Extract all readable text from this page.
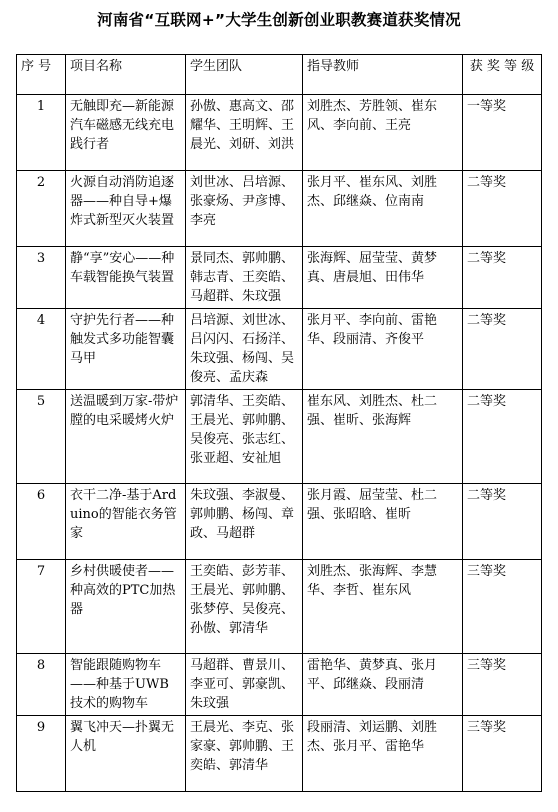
河南省“互联网+”大学生创新创业职教赛道获奖情况
序 号	项目名称	学生团队	指导教师	获 奖 等 级
1	无触即充—新能源汽车磁感无线充电践行者	孙傲、惠高文、邵耀华、王明辉、王晨光、刘研、刘洪	刘胜杰、芳胜领、崔东风、李向前、王亮	一等奖
2	火源自动消防追逐器——种自导+爆炸式新型灭火装置	刘世冰、吕培源、张豪炀、尹彦博、李亮	张月平、崔东风、刘胜杰、邱继焱、位南南	二等奖
3	静“享”安心——种车载智能换气装置	景同杰、郭帅鹏、韩志青、王奕皓、马超群、朱玟强	张海辉、屈莹莹、黄梦真、唐晨旭、田伟华	二等奖
4	守护先行者——种触发式多功能智囊马甲	吕培源、刘世冰、吕闪闪、石扬洋、朱玟强、杨闯、吴俊亮、孟庆森	张月平、李向前、雷艳华、段丽清、齐俊平	二等奖
5	送温暖到万家-带炉膛的电采暖烤火炉	郭清华、王奕皓、王晨光、郭帅鹏、吴俊亮、张志红、张亚超、安祉旭	崔东风、刘胜杰、杜二强、崔昕、张海辉	二等奖
6	衣干二净-基于Arduino的智能衣务管家	朱玟强、李淑曼、郭帅鹏、杨闯、章政、马超群	张月霞、屈莹莹、杜二强、张昭晗、崔昕	二等奖
7	乡村供暖使者——种高效的PTC加热器	王奕皓、彭芳菲、王晨光、郭帅鹏、张梦停、吴俊亮、孙傲、郭清华	刘胜杰、张海辉、李慧华、李哲、崔东风	三等奖
8	智能跟随购物车——种基于UWB技术的购物车	马超群、曹景川、李亚可、郭豪凯、朱玟强	雷艳华、黄梦真、张月平、邱继焱、段丽清	三等奖
9	翼飞冲天—扑翼无人机	王晨光、李克、张家豪、郭帅鹏、王奕皓、郭清华	段丽清、刘运鹏、刘胜杰、张月平、雷艳华	三等奖
